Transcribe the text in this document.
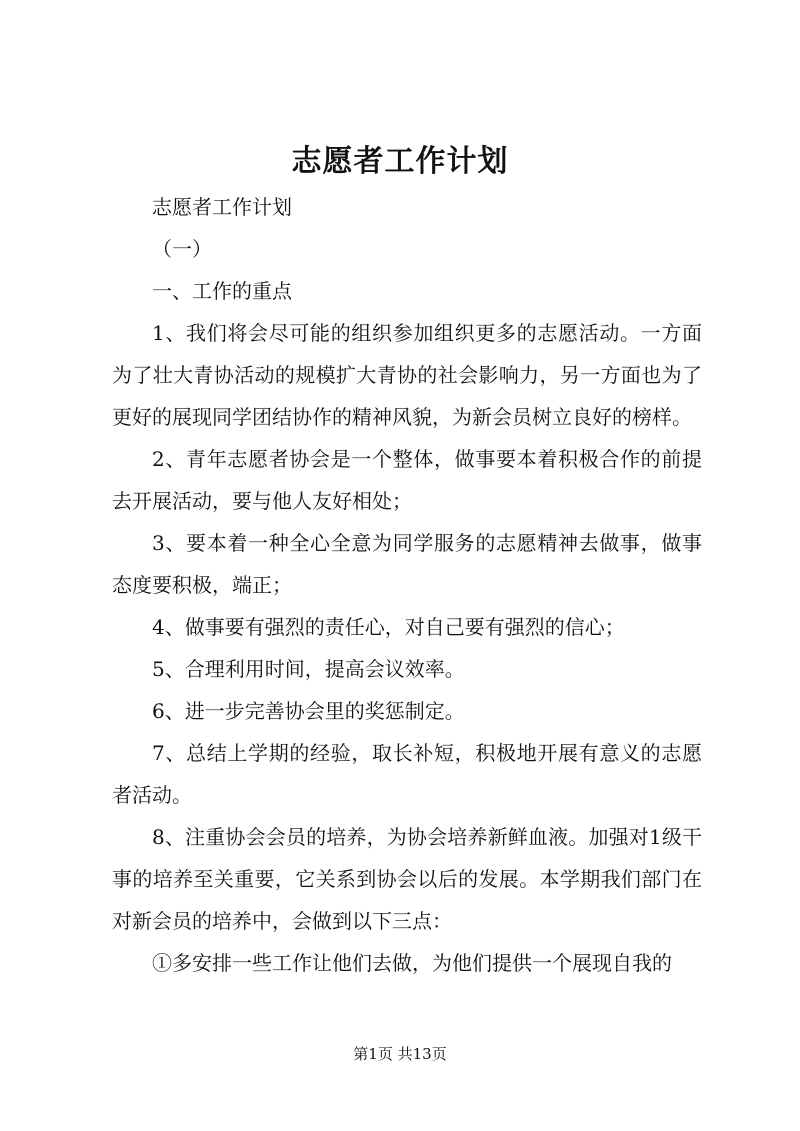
志愿者工作计划

志愿者工作计划

（一）

一、工作的重点

1、我们将会尽可能的组织参加组织更多的志愿活动。一方面为了壮大青协活动的规模扩大青协的社会影响力，另一方面也为了更好的展现同学团结协作的精神风貌，为新会员树立良好的榜样。

2、青年志愿者协会是一个整体，做事要本着积极合作的前提去开展活动，要与他人友好相处；

3、要本着一种全心全意为同学服务的志愿精神去做事，做事态度要积极，端正；

4、做事要有强烈的责任心，对自己要有强烈的信心；

5、合理利用时间，提高会议效率。

6、进一步完善协会里的奖惩制定。

7、总结上学期的经验，取长补短，积极地开展有意义的志愿者活动。

8、注重协会会员的培养，为协会培养新鲜血液。加强对1级干事的培养至关重要，它关系到协会以后的发展。本学期我们部门在对新会员的培养中，会做到以下三点：

①多安排一些工作让他们去做，为他们提供一个展现自我的

第1页 共13页
